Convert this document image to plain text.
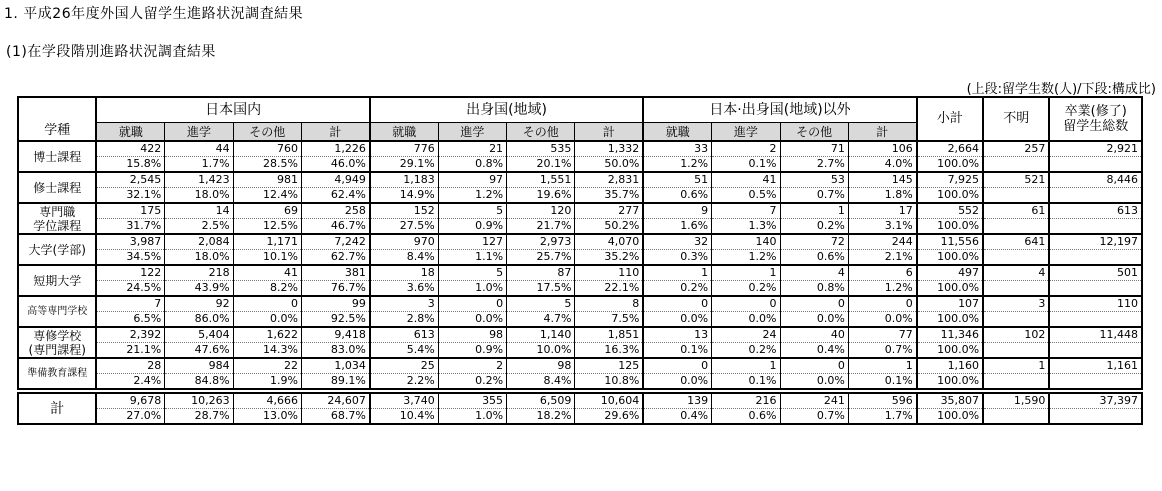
1. 平成26年度外国人留学生進路状況調査結果
(1)在学段階別進路状況調査結果
(上段:留学生数(人)/下段:構成比)
学種	日本国内				出身国(地域)				日本·出身国(地域)以外				小計	不明	卒業(修了)
留学生総数

	就職	進学	その他	計	就職	進学	その他	計	就職	進学	その他	計			

博士課程	422	44	760	1,226	776	21	535	1,332	33	2	71	106	2,664	257	2,921
	15.8%	1.7%	28.5%	46.0%	29.1%	0.8%	20.1%	50.0%	1.2%	0.1%	2.7%	4.0%	100.0%		

修士課程	2,545	1,423	981	4,949	1,183	97	1,551	2,831	51	41	53	145	7,925	521	8,446
	32.1%	18.0%	12.4%	62.4%	14.9%	1.2%	19.6%	35.7%	0.6%	0.5%	0.7%	1.8%	100.0%		

専門職
学位課程	175	14	69	258	152	5	120	277	9	7	1	17	552	61	613
	31.7%	2.5%	12.5%	46.7%	27.5%	0.9%	21.7%	50.2%	1.6%	1.3%	0.2%	3.1%	100.0%		

大学(学部)	3,987	2,084	1,171	7,242	970	127	2,973	4,070	32	140	72	244	11,556	641	12,197
	34.5%	18.0%	10.1%	62.7%	8.4%	1.1%	25.7%	35.2%	0.3%	1.2%	0.6%	2.1%	100.0%		

短期大学	122	218	41	381	18	5	87	110	1	1	4	6	497	4	501
	24.5%	43.9%	8.2%	76.7%	3.6%	1.0%	17.5%	22.1%	0.2%	0.2%	0.8%	1.2%	100.0%		

高等専門学校	7	92	0	99	3	0	5	8	0	0	0	0	107	3	110
	6.5%	86.0%	0.0%	92.5%	2.8%	0.0%	4.7%	7.5%	0.0%	0.0%	0.0%	0.0%	100.0%		

専修学校
(専門課程)	2,392	5,404	1,622	9,418	613	98	1,140	1,851	13	24	40	77	11,346	102	11,448
	21.1%	47.6%	14.3%	83.0%	5.4%	0.9%	10.0%	16.3%	0.1%	0.2%	0.4%	0.7%	100.0%		

準備教育課程	28	984	22	1,034	25	2	98	125	0	1	0	1	1,160	1	1,161
	2.4%	84.8%	1.9%	89.1%	2.2%	0.2%	8.4%	10.8%	0.0%	0.1%	0.0%	0.1%	100.0%		

計	9,678	10,263	4,666	24,607	3,740	355	6,509	10,604	139	216	241	596	35,807	1,590	37,397
	27.0%	28.7%	13.0%	68.7%	10.4%	1.0%	18.2%	29.6%	0.4%	0.6%	0.7%	1.7%	100.0%		
